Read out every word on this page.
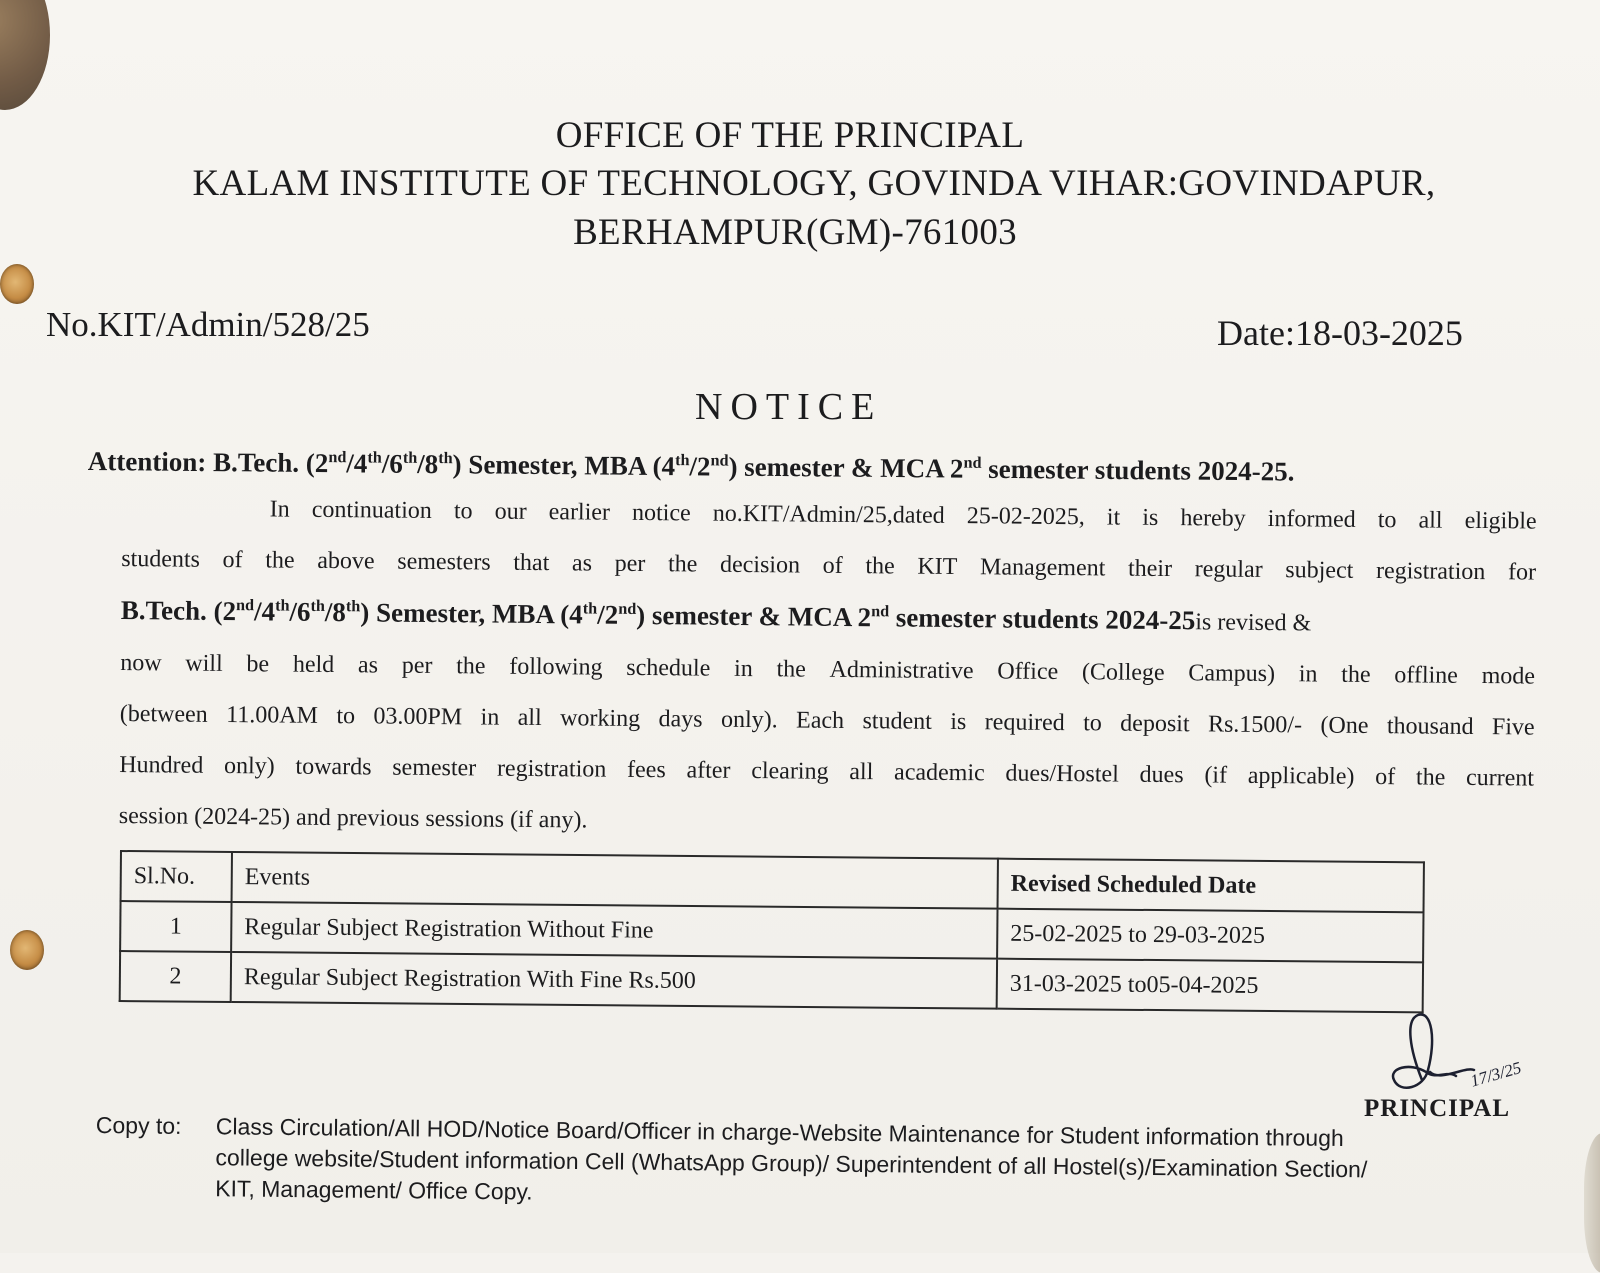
OFFICE OF THE PRINCIPAL
KALAM INSTITUTE OF TECHNOLOGY, GOVINDA VIHAR:GOVINDAPUR,
BERHAMPUR(GM)-761003
No.KIT/Admin/528/25	Date:18-03-2025
NOTICE
Attention: B.Tech. (2nd/4th/6th/8th) Semester, MBA (4th/2nd) semester & MCA 2nd semester students 2024-25.
In continuation to our earlier notice no.KIT/Admin/25,dated 25-02-2025, it is hereby informed to all eligible
students of the above semesters that as per the decision of the KIT Management their regular subject registration for
B.Tech. (2nd/4th/6th/8th) Semester, MBA (4th/2nd) semester & MCA 2nd semester students 2024-25is revised &
now will be held as per the following schedule in the Administrative Office (College Campus) in the offline mode
(between 11.00AM to 03.00PM in all working days only). Each student is required to deposit Rs.1500/- (One thousand Five
Hundred only) towards semester registration fees after clearing all academic dues/Hostel dues (if applicable) of the current
session (2024-25) and previous sessions (if any).
Sl.No.	Events	Revised Scheduled Date
1	Regular Subject Registration Without Fine	25-02-2025 to 29-03-2025
2	Regular Subject Registration With Fine Rs.500	31-03-2025 to05-04-2025
17/3/25
PRINCIPAL
Copy to: Class Circulation/All HOD/Notice Board/Officer in charge-Website Maintenance for Student information through
college website/Student information Cell (WhatsApp Group)/ Superintendent of all Hostel(s)/Examination Section/
KIT, Management/ Office Copy.
